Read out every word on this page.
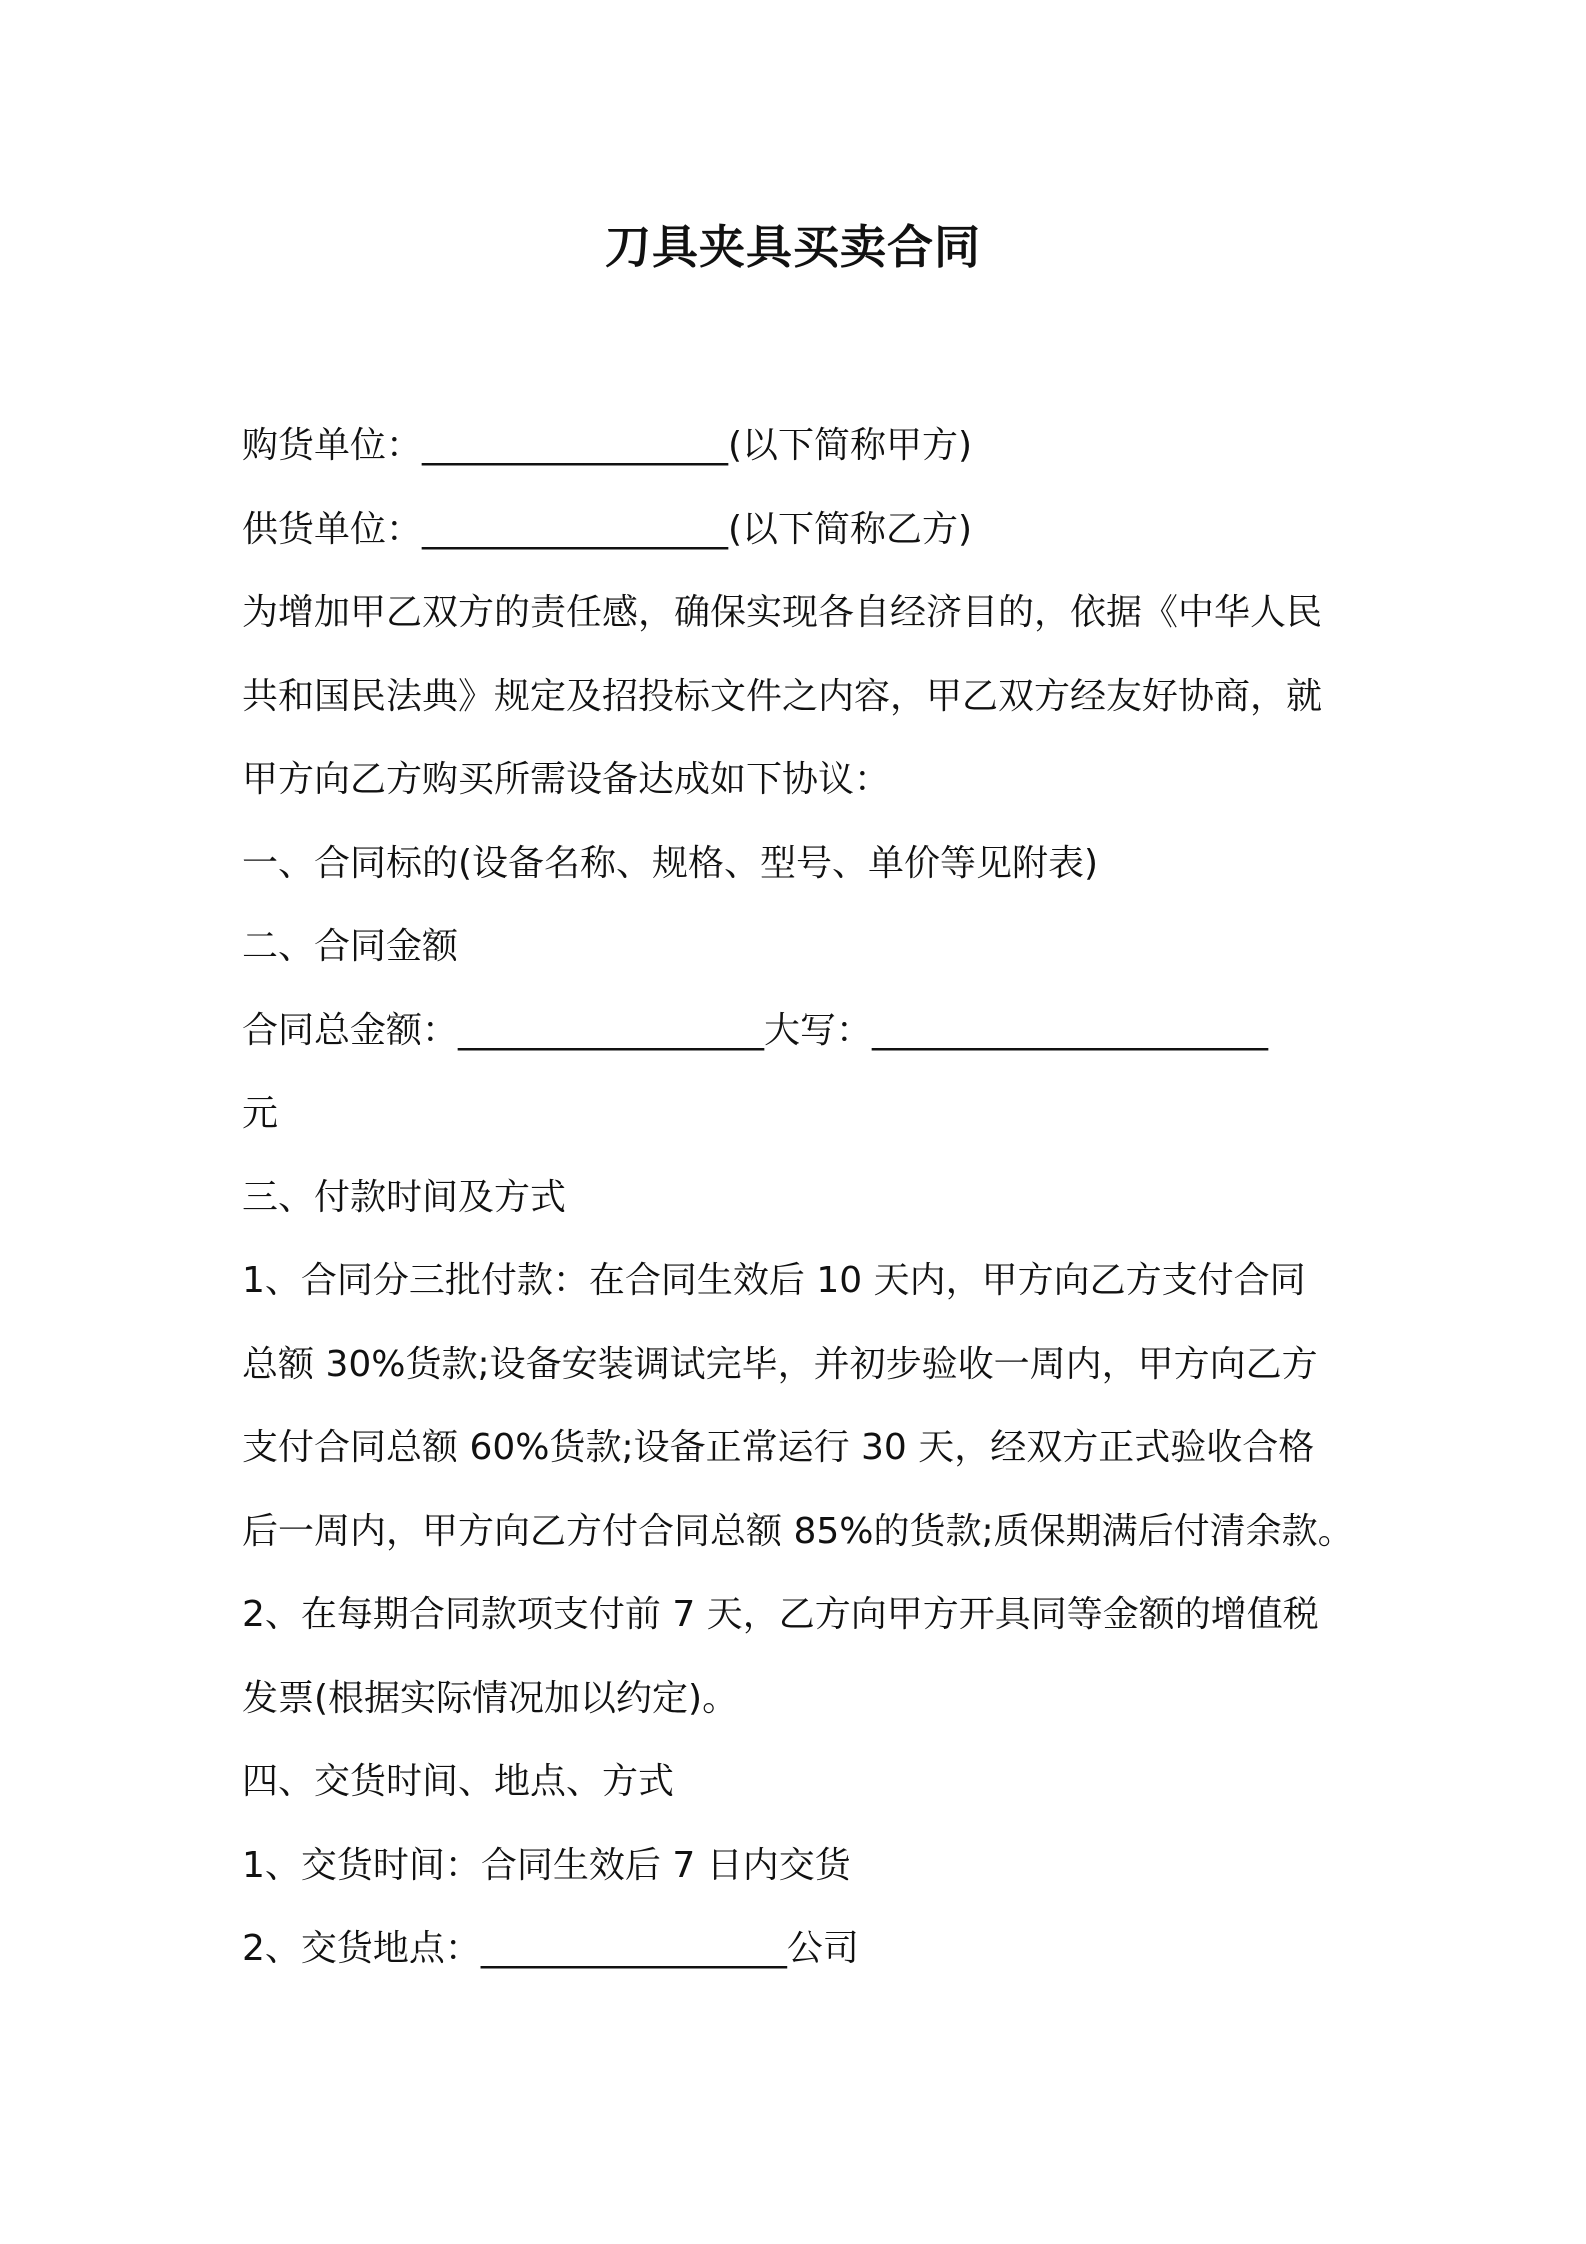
刀具夹具买卖合同
购货单位：_________________(以下简称甲方)
供货单位：_________________(以下简称乙方)
为增加甲乙双方的责任感，确保实现各自经济目的，依据《中华人民
共和国民法典》规定及招投标文件之内容，甲乙双方经友好协商，就
甲方向乙方购买所需设备达成如下协议：
一、合同标的(设备名称、规格、型号、单价等见附表)
二、合同金额
合同总金额：_________________大写：______________________
元
三、付款时间及方式
1、合同分三批付款：在合同生效后 10 天内，甲方向乙方支付合同
总额 30%货款;设备安装调试完毕，并初步验收一周内，甲方向乙方
支付合同总额 60%货款;设备正常运行 30 天，经双方正式验收合格
后一周内，甲方向乙方付合同总额 85%的货款;质保期满后付清余款。
2、在每期合同款项支付前 7 天，乙方向甲方开具同等金额的增值税
发票(根据实际情况加以约定)。
四、交货时间、地点、方式
1、交货时间：合同生效后 7 日内交货
2、交货地点：_________________公司
